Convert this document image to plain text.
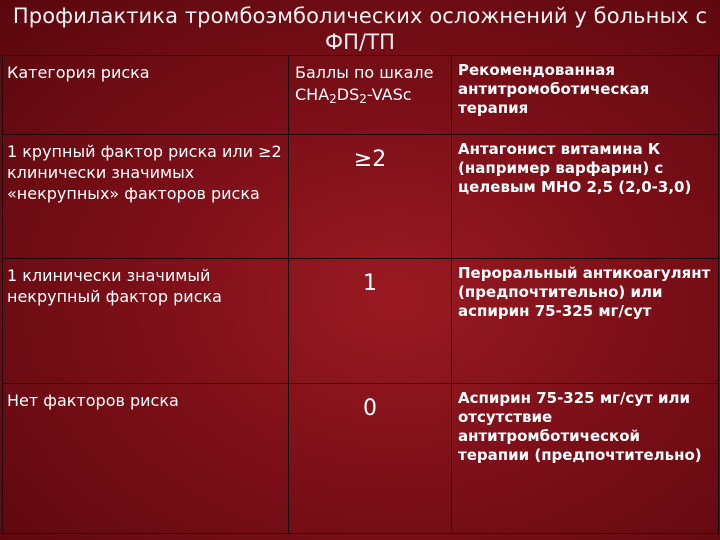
Профилактика тромбоэмболических осложнений у больных с ФП/ТП
Категория риска	Баллы по шкале $CHA_2DS_2$-VASc	Рекомендованная антитромоботическая терапия
1 крупный фактор риска или ≥2 клинически значимых «некрупных» факторов риска	≥2	Антагонист витамина К (например варфарин) с целевым МНО 2,5 (2,0-3,0)
1 клинически значимый некрупный фактор риска	1	Пероральный антикоагулянт (предпочтительно) или аспирин 75-325 мг/сут
Нет факторов риска	0	Аспирин 75-325 мг/сут или отсутствие антитромботической терапии (предпочтительно)
